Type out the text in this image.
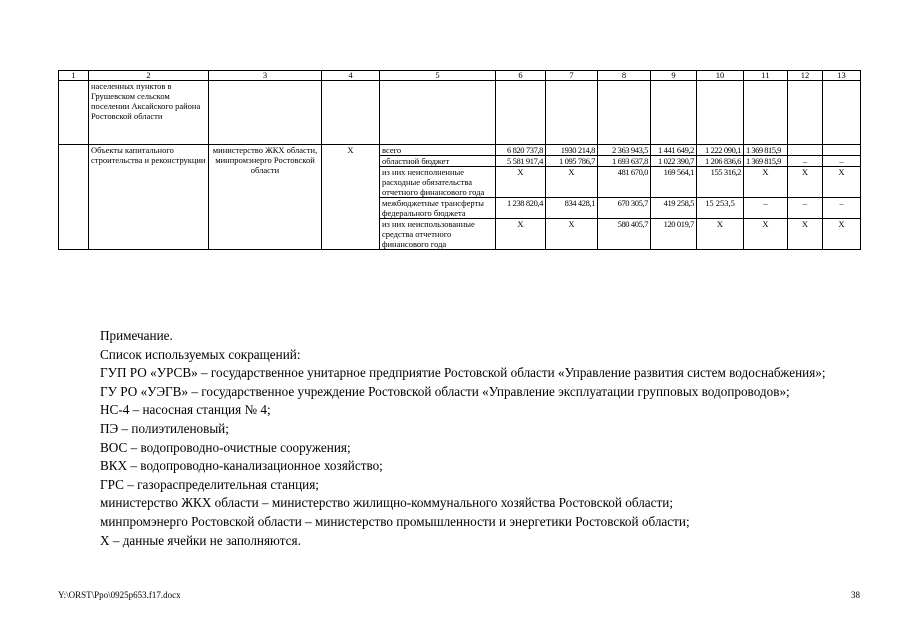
1	2	3	4	5	6	7	8	9	10	11	12	13
	населенных пунктов в Грушевском сельском поселении Аксайского района Ростовской области											
	Объекты капитального строительства и реконструкции	министерство ЖКХ области, минпромэнерго Ростовской области	Х	всего	6 820 737,8	1930 214,8	2 363 943,5	1 441 649,2	1 222 090,1	1 369 815,9		
				областной бюджет	5 581 917,4	1 095 786,7	1 693 637,8	1 022 390,7	1 206 836,6	1 369 815,9	–	–
				из них неисполненные расходные обязательства отчетного финансового года	Х	Х	481 670,0	169 564,1	155 316,2	Х	Х	Х
				межбюджетные трансферты федерального бюджета	1 238 820,4	834 428,1	670 305,7	419 258,5	15 253,5	–	–	–
				из них неиспользованные средства отчетного финансового года	Х	Х	580 405,7	120 019,7	Х	Х	Х	Х

Примечание.

Список используемых сокращений:

ГУП РО «УРСВ» – государственное унитарное предприятие Ростовской области «Управление развития систем водоснабжения»;

ГУ РО «УЭГВ» – государственное учреждение Ростовской области «Управление эксплуатации групповых водопроводов»;

НС-4 – насосная станция № 4;

ПЭ – полиэтиленовый;

ВОС – водопроводно-очистные сооружения;

ВКХ – водопроводно-канализационное хозяйство;

ГРС – газораспределительная станция;

министерство ЖКХ области – министерство жилищно-коммунального хозяйства Ростовской области;

минпромэнерго Ростовской области – министерство промышленности и энергетики Ростовской области;

Х – данные ячейки не заполняются.

Y:\ORST\Ppo\0925p653.f17.docx	38
